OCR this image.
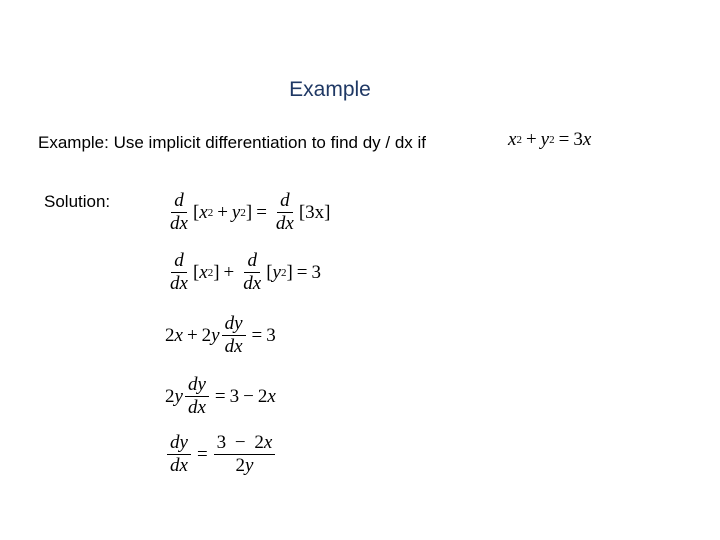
Example
Example: Use implicit differentiation to find dy / dx if	x 2 + y 2 = 3 x
Solution:	$\frac{d}{dx}$ [ x 2 + y 2 ] = $\frac{d}{dx}$ [ 3x ]
$\frac{d}{dx}$ [ x 2 ] + $\frac{d}{dx}$ [ y 2 ] = 3
2 x + 2 y $\frac{dy}{dx} = 3$
2 y $\frac{dy}{dx} = 3 - 2$ x
$\frac{dy}{dx} = \frac{3 - 2x}{2y}$
